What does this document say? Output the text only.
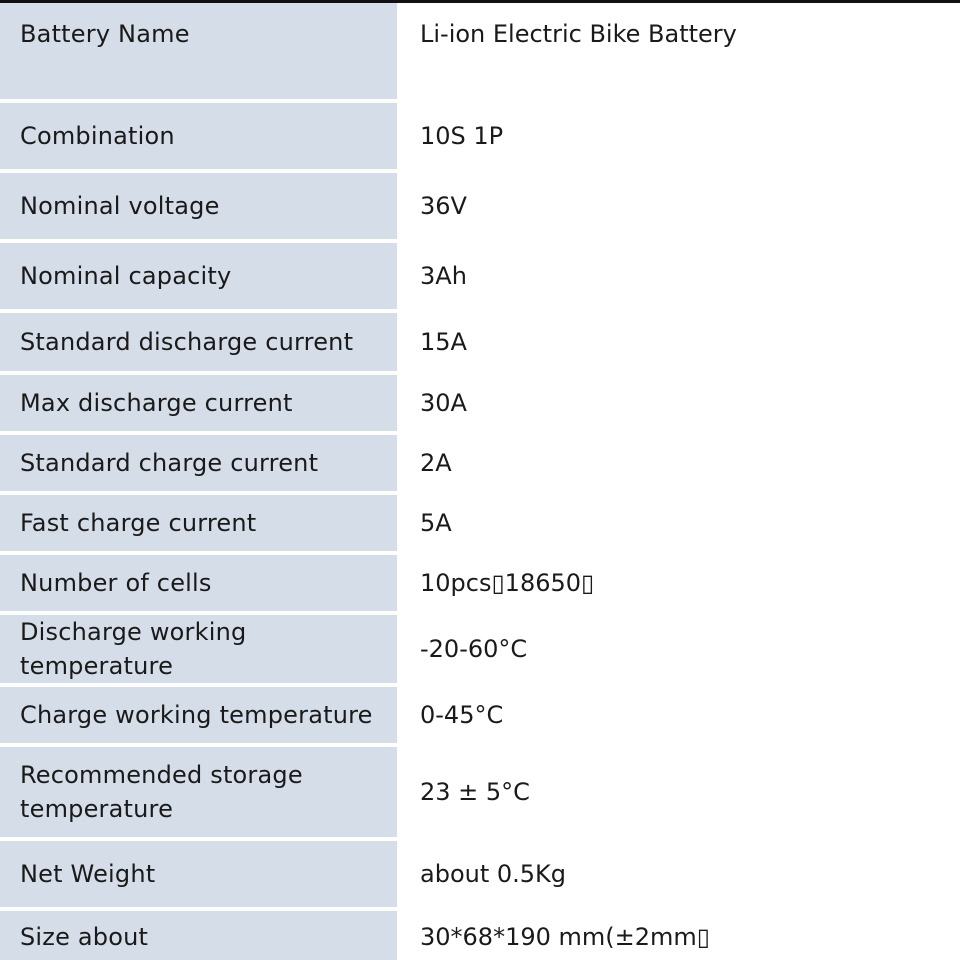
Battery Name	Li-ion Electric Bike Battery
Combination	10S 1P
Nominal voltage	36V
Nominal capacity	3Ah
Standard discharge current	15A
Max discharge current	30A
Standard charge current	2A
Fast charge current	5A
Number of cells	10pcs▯18650▯
Discharge working temperature	-20-60°C
Charge working temperature	0-45°C
Recommended storage temperature	23 ± 5°C
Net Weight	about 0.5Kg
Size about	30*68*190 mm(±2mm▯
